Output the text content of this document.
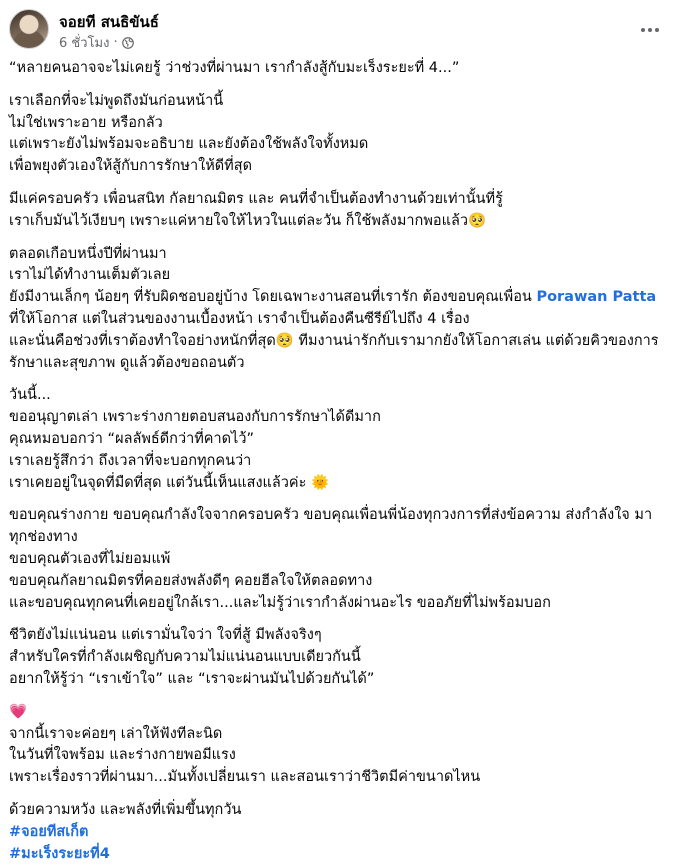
จอยที สนธิขันธ์
6 ชั่วโมง ·
“หลายคนอาจจะไม่เคยรู้ ว่าช่วงที่ผ่านมา เรากำลังสู้กับมะเร็งระยะที่ 4...”
เราเลือกที่จะไม่พูดถึงมันก่อนหน้านี้
ไม่ใช่เพราะอาย หรือกลัว
แต่เพราะยังไม่พร้อมจะอธิบาย และยังต้องใช้พลังใจทั้งหมด
เพื่อพยุงตัวเองให้สู้กับการรักษาให้ดีที่สุด
มีแค่ครอบครัว เพื่อนสนิท กัลยาณมิตร และ คนที่จำเป็นต้องทำงานด้วยเท่านั้นที่รู้
เราเก็บมันไว้เงียบๆ เพราะแค่หายใจให้ไหวในแต่ละวัน ก็ใช้พลังมากพอแล้ว🥺
ตลอดเกือบหนึ่งปีที่ผ่านมา
เราไม่ได้ทำงานเต็มตัวเลย
ยังมีงานเล็กๆ น้อยๆ ที่รับผิดชอบอยู่บ้าง โดยเฉพาะงานสอนที่เรารัก ต้องขอบคุณเพื่อน Porawan Patta ที่ให้โอกาส แต่ในส่วนของงานเบื้องหน้า เราจำเป็นต้องคืนซีรีย์ไปถึง 4 เรื่อง
และนั่นคือช่วงที่เราต้องทำใจอย่างหนักที่สุด🥺 ทีมงานน่ารักกับเรามากยังให้โอกาสเล่น แต่ด้วยคิวของการรักษาและสุขภาพ ดูแล้วต้องขอถอนตัว
วันนี้...
ขออนุญาตเล่า เพราะร่างกายตอบสนองกับการรักษาได้ดีมาก
คุณหมอบอกว่า “ผลลัพธ์ดีกว่าที่คาดไว้”
เราเลยรู้สึกว่า ถึงเวลาที่จะบอกทุกคนว่า
เราเคยอยู่ในจุดที่มืดที่สุด แต่วันนี้เห็นแสงแล้วค่ะ 🌞
ขอบคุณร่างกาย ขอบคุณกำลังใจจากครอบครัว ขอบคุณเพื่อนพี่น้องทุกวงการที่ส่งข้อความ ส่งกำลังใจ มาทุกช่องทาง
ขอบคุณตัวเองที่ไม่ยอมแพ้
ขอบคุณกัลยาณมิตรที่คอยส่งพลังดีๆ คอยฮีลใจให้ตลอดทาง
และขอบคุณทุกคนที่เคยอยู่ใกล้เรา...และไม่รู้ว่าเรากำลังผ่านอะไร ขออภัยที่ไม่พร้อมบอก
ชีวิตยังไม่แน่นอน แต่เรามั่นใจว่า ใจที่สู้ มีพลังจริงๆ
สำหรับใครที่กำลังเผชิญกับความไม่แน่นอนแบบเดียวกันนี้
อยากให้รู้ว่า “เราเข้าใจ” และ “เราจะผ่านมันไปด้วยกันได้”
💗
จากนี้เราจะค่อยๆ เล่าให้ฟังทีละนิด
ในวันที่ใจพร้อม และร่างกายพอมีแรง
เพราะเรื่องราวที่ผ่านมา...มันทั้งเปลี่ยนเรา และสอนเราว่าชีวิตมีค่าขนาดไหน
ด้วยความหวัง และพลังที่เพิ่มขึ้นทุกวัน
#จอยทีสเก็ต
#มะเร็งระยะที่4
